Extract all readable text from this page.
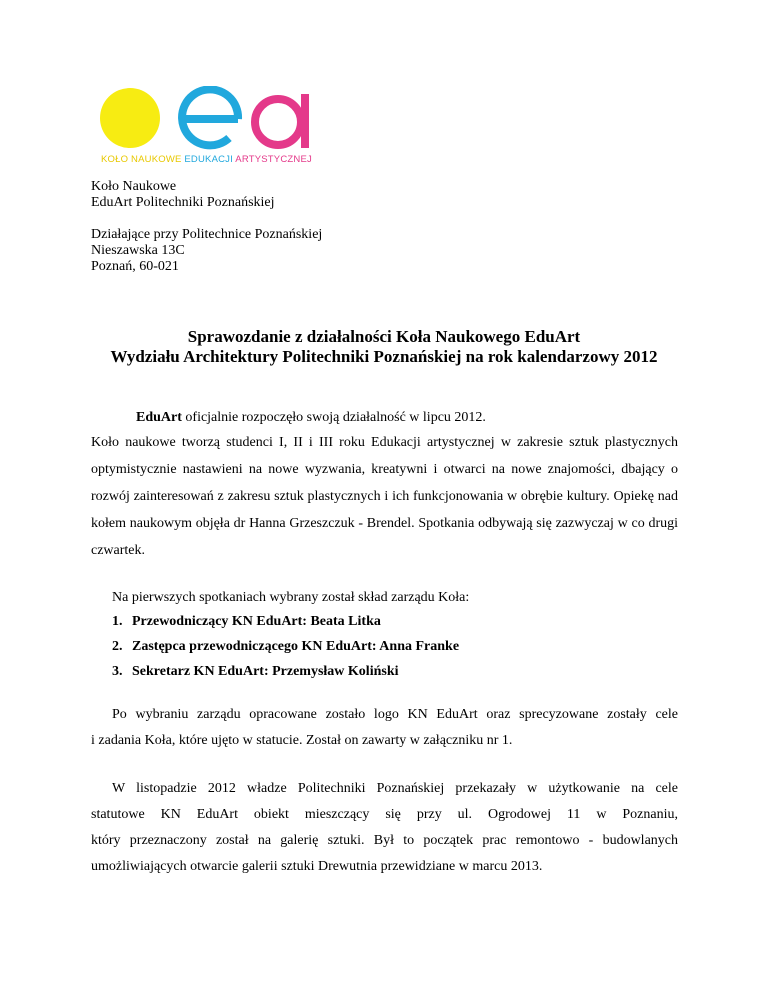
KOŁO NAUKOWE EDUKACJI ARTYSTYCZNEJ
Koło Naukowe
EduArt Politechniki Poznańskiej
Działające przy Politechnice Poznańskiej
Nieszawska 13C
Poznań, 60-021
Sprawozdanie z działalności Koła Naukowego EduArt
Wydziału Architektury Politechniki Poznańskiej na rok kalendarzowy 2012
EduArt oficjalnie rozpoczęło swoją działalność w lipcu 2012.
Koło naukowe tworzą studenci I, II i III roku Edukacji artystycznej w zakresie sztuk plastycznych optymistycznie nastawieni na nowe wyzwania, kreatywni i otwarci na nowe znajomości, dbający o rozwój zainteresowań z zakresu sztuk plastycznych i ich funkcjonowania w obrębie kultury. Opiekę nad kołem naukowym objęła dr Hanna Grzeszczuk - Brendel. Spotkania odbywają się zazwyczaj w co drugi czwartek.
Na pierwszych spotkaniach wybrany został skład zarządu Koła:
1. Przewodniczący KN EduArt: Beata Litka
2. Zastępca przewodniczącego KN EduArt: Anna Franke
3. Sekretarz KN EduArt: Przemysław Koliński
Po wybraniu zarządu opracowane zostało logo KN EduArt oraz sprecyzowane zostały cele
i zadania Koła, które ujęto w statucie. Został on zawarty w załączniku nr 1.
W listopadzie 2012 władze Politechniki Poznańskiej przekazały w użytkowanie na cele
statutowe KN EduArt obiekt mieszczący się przy ul. Ogrodowej 11 w Poznaniu,
który przeznaczony został na galerię sztuki. Był to początek prac remontowo - budowlanych
umożliwiających otwarcie galerii sztuki Drewutnia przewidziane w marcu 2013.
